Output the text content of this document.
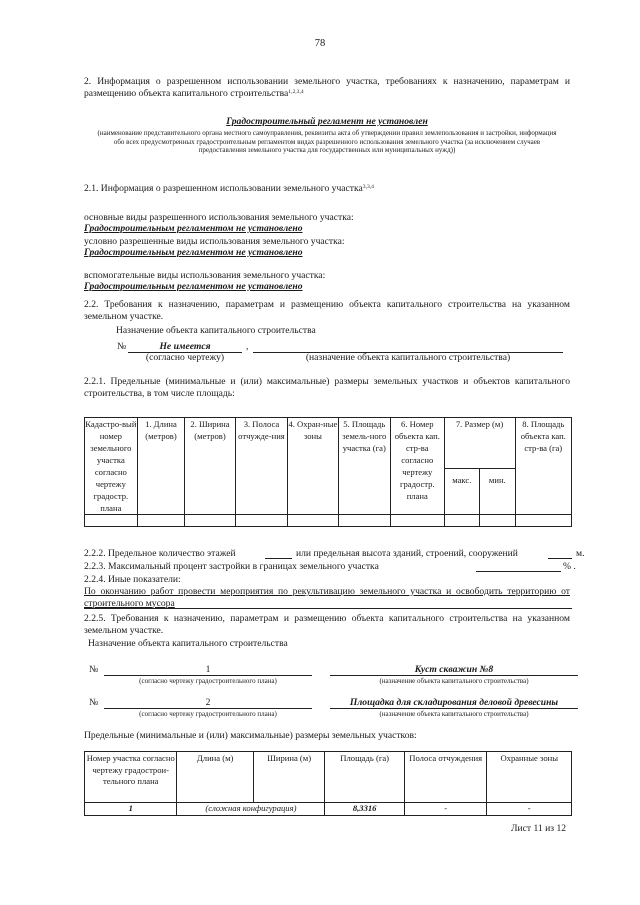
78
2. Информация о разрешенном использовании земельного участка, требованиях к назначению, параметрам и размещению объекта капитального строительства$^{1,2,3,4}$
Градостроительный регламент не установлен
(наименование представительного органа местного самоуправления, реквизиты акта об утверждении правил землепользования и застройки, информация обо всех предусмотренных градостроительным регламентом видах разрешенного использования земельного участка (за исключением случаев предоставления земельного участка для государственных или муниципальных нужд))
2.1. Информация о разрешенном использовании земельного участка$^{3,3,4}$
основные виды разрешенного использования земельного участка:
Градостроительным регламентом не установлено
условно разрешенные виды использования земельного участка:
Градостроительным регламентом не установлено
вспомогательные виды использования земельного участка:
Градостроительным регламентом не установлено
2.2. Требования к назначению, параметрам и размещению объекта капитального строительства на указанном земельном участке.
Назначение объекта капитального строительства
№	Не имеется	,
(согласно чертежу)	(назначение объекта капитального строительства)
2.2.1. Предельные (минимальные и (или) максимальные) размеры земельных участков и объектов капитального строительства, в том числе площадь:
Кадастро-вый номер земельного участка согласно чертежу градостр. плана	1. Длина (метров)	2. Ширина (метров)	3. Полоса отчужде-ния	4. Охран-ные зоны	5. Площадь земель-ного участка (га)	6. Номер объекта кап. стр-ва согласно чертежу градостр. плана	7. Размер (м)		8. Площадь объекта кап. стр-ва (га)
							макс.	мин.	

2.2.2. Предельное количество этажей	или предельная высота зданий, строений, сооружений	м.
2.2.3. Максимальный процент застройки в границах земельного участка	% .
2.2.4. Иные показатели:
По окончанию работ провести мероприятия по рекультивацию земельного участка и освободить территорию от строительного мусора
2.2.5. Требования к назначению, параметрам и размещению объекта капитального строительства на указанном земельном участке.
Назначение объекта капитального строительства
№	1	Куст скважин №8
(согласно чертежу градостроительного плана)	(назначение объекта капитального строительства)
№	2	Площадка для складирования деловой древесины
(согласно чертежу градостроительного плана)	(назначение объекта капитального строительства)
Предельные (минимальные и (или) максимальные) размеры земельных участков:
Номер участка согласно чертежу градострои-тельного плана	Длина (м)	Ширина (м)	Площадь (га)	Полоса отчуждения	Охранные зоны
1	(сложная конфигурация)		8,3316	-	-
Лист 11 из 12
